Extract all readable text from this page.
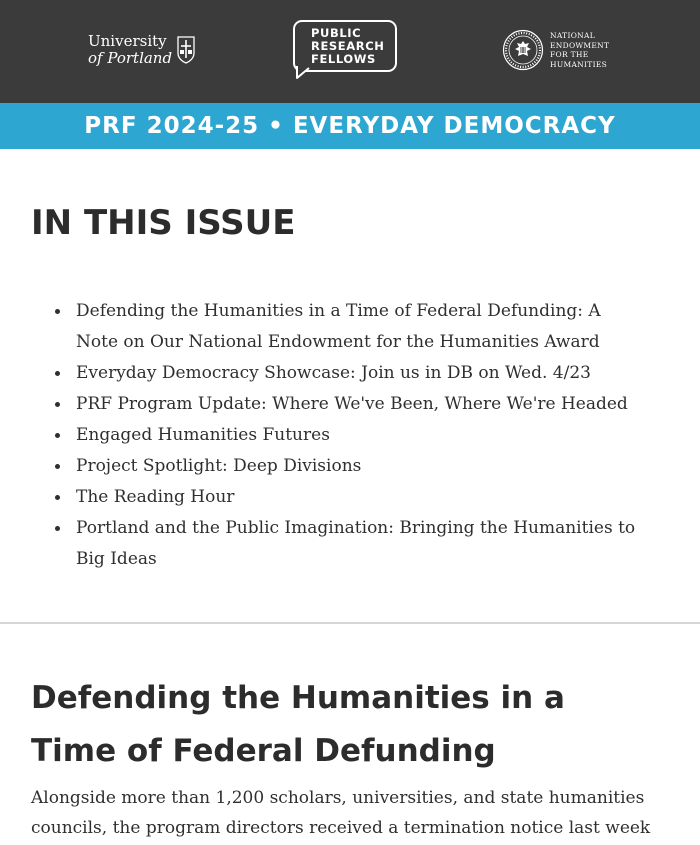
University
of Portland
PUBLIC
RESEARCH
FELLOWS
NATIONAL
ENDOWMENT
FOR THE
HUMANITIES
PRF 2024-25 • EVERYDAY DEMOCRACY
IN THIS ISSUE
Defending the Humanities in a Time of Federal Defunding: A
Note on Our National Endowment for the Humanities Award
Everyday Democracy Showcase: Join us in DB on Wed. 4/23
PRF Program Update: Where We've Been, Where We're Headed
Engaged Humanities Futures
Project Spotlight: Deep Divisions
The Reading Hour
Portland and the Public Imagination: Bringing the Humanities to
Big Ideas
Defending the Humanities in a
Time of Federal Defunding

Alongside more than 1,200 scholars, universities, and state humanities
councils, the program directors received a termination notice last week
